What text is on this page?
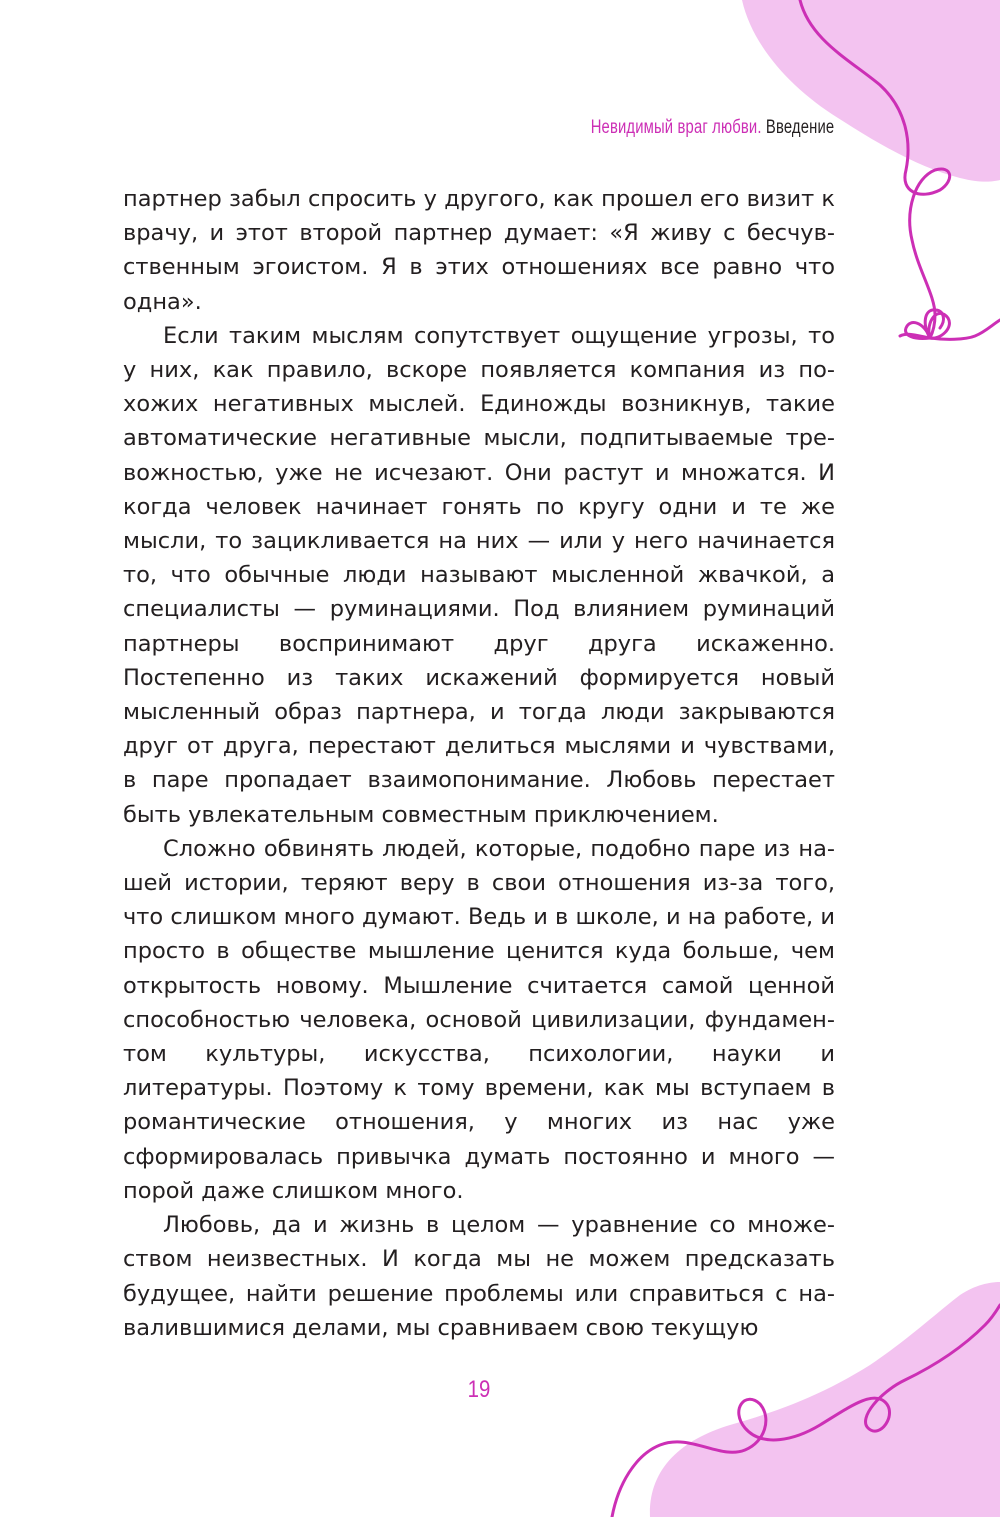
Невидимый враг любви. Введение

партнер забыл спросить у другого, как прошел его визит к врачу, и этот второй партнер думает: «Я живу с бесчувственным эгоистом. Я в этих отношениях все равно что одна».

Если таким мыслям сопутствует ощущение угрозы, то у них, как правило, вскоре появляется компания из похожих негативных мыслей. Единожды возникнув, такие автоматические негативные мысли, подпитываемые тревожностью, уже не исчезают. Они растут и множатся. И когда человек начинает гонять по кругу одни и те же мысли, то зацикливается на них — или у него начинается то, что обычные люди называют мысленной жвачкой, а специалисты — руминациями. Под влиянием руминаций партнеры воспринимают друг друга искаженно. Постепенно из таких искажений формируется новый мысленный образ партнера, и тогда люди закрываются друг от друга, перестают делиться мыслями и чувствами, в паре пропадает взаимопонимание. Любовь перестает быть увлекательным совместным приключением.

Сложно обвинять людей, которые, подобно паре из нашей истории, теряют веру в свои отношения из-за того, что слишком много думают. Ведь и в школе, и на работе, и просто в обществе мышление ценится куда больше, чем открытость новому. Мышление считается самой ценной способностью человека, основой цивилизации, фундаментом культуры, искусства, психологии, науки и литературы. Поэтому к тому времени, как мы вступаем в романтические отношения, у многих из нас уже сформировалась привычка думать постоянно и много — порой даже слишком много.

Любовь, да и жизнь в целом — уравнение со множеством неизвестных. И когда мы не можем предсказать будущее, найти решение проблемы или справиться с навалившимися делами, мы сравниваем свою текущую

19
